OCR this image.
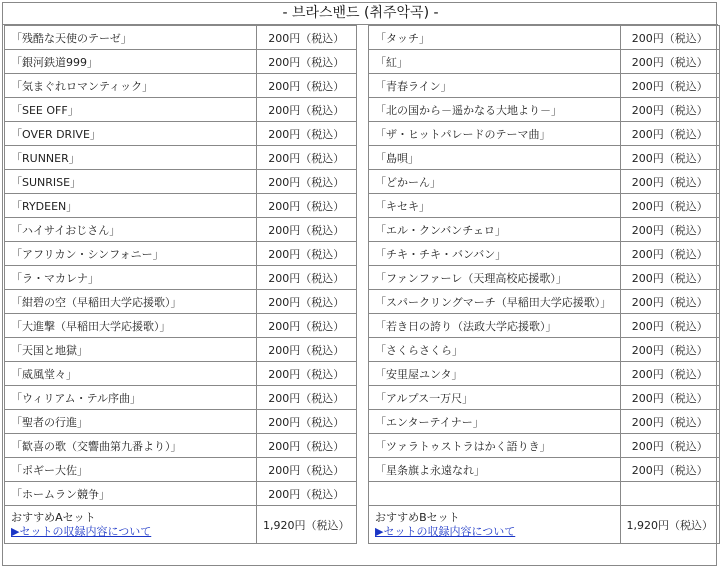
- 브라스밴드 (취주악곡) -
「残酷な天使のテーゼ」	200円（税込）
「銀河鉄道999」	200円（税込）
「気まぐれロマンティック」	200円（税込）
「SEE OFF」	200円（税込）
「OVER DRIVE」	200円（税込）
「RUNNER」	200円（税込）
「SUNRISE」	200円（税込）
「RYDEEN」	200円（税込）
「ハイサイおじさん」	200円（税込）
「アフリカン・シンフォニー」	200円（税込）
「ラ・マカレナ」	200円（税込）
「紺碧の空（早稲田大学応援歌）」	200円（税込）
「大進撃（早稲田大学応援歌）」	200円（税込）
「天国と地獄」	200円（税込）
「威風堂々」	200円（税込）
「ウィリアム・テル序曲」	200円（税込）
「聖者の行進」	200円（税込）
「歓喜の歌（交響曲第九番より）」	200円（税込）
「ポギー大佐」	200円（税込）
「ホームラン競争」	200円（税込）

おすすめAセット
▶セットの収録内容について	1,920円（税込）
「タッチ」	200円（税込）
「紅」	200円（税込）
「青春ライン」	200円（税込）
「北の国から－遥かなる大地より－」	200円（税込）
「ザ・ヒットパレードのテーマ曲」	200円（税込）
「島唄」	200円（税込）
「どかーん」	200円（税込）
「キセキ」	200円（税込）
「エル・クンバンチェロ」	200円（税込）
「チキ・チキ・バンバン」	200円（税込）
「ファンファーレ（天理高校応援歌）」	200円（税込）
「スパークリングマーチ（早稲田大学応援歌）」	200円（税込）
「若き日の誇り（法政大学応援歌）」	200円（税込）
「さくらさくら」	200円（税込）
「安里屋ユンタ」	200円（税込）
「アルプス一万尺」	200円（税込）
「エンターテイナー」	200円（税込）
「ツァラトゥストラはかく語りき」	200円（税込）
「星条旗よ永遠なれ」	200円（税込）

おすすめBセット
▶セットの収録内容について	1,920円（税込）
